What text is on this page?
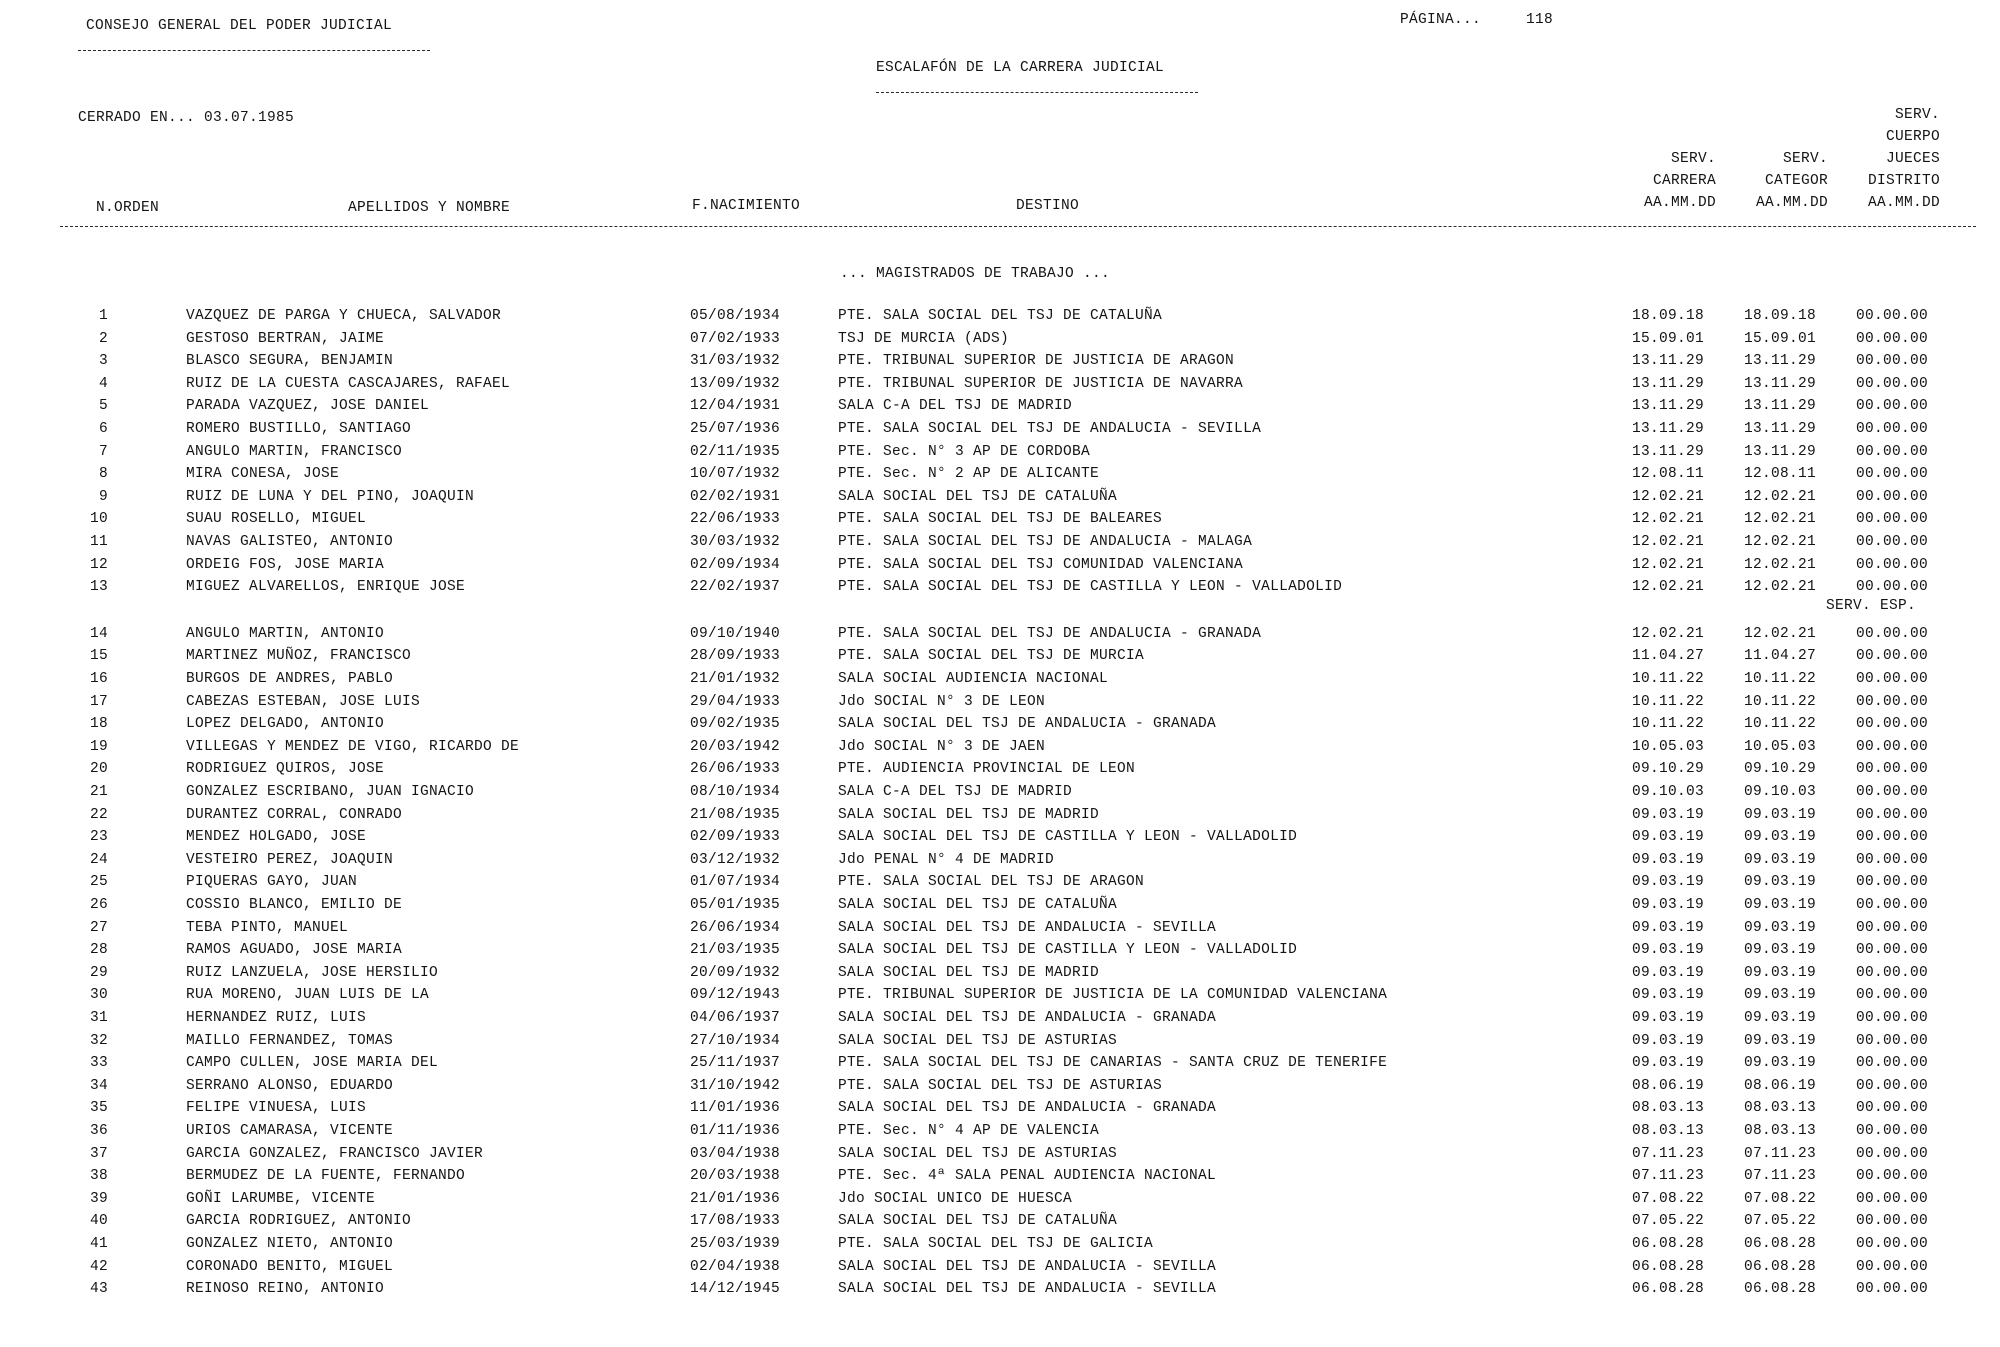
CONSEJO GENERAL DEL PODER JUDICIAL	PÁGINA...	118
ESCALAFÓN DE LA CARRERA JUDICIAL
CERRADO EN... 03.07.1985
N.ORDEN	APELLIDOS Y NOMBRE	F.NACIMIENTO	DESTINO
SERV.
CARRERA
AA.MM.DD
SERV.
CATEGOR
AA.MM.DD
SERV.
CUERPO
JUECES
DISTRITO
AA.MM.DD
... MAGISTRADOS DE TRABAJO ...
SERV. ESP.
1	VAZQUEZ DE PARGA Y CHUECA, SALVADOR	05/08/1934	PTE. SALA SOCIAL DEL TSJ DE CATALUÑA	18.09.18	18.09.18	00.00.00
2	GESTOSO BERTRAN, JAIME	07/02/1933	TSJ DE MURCIA (ADS)	15.09.01	15.09.01	00.00.00
3	BLASCO SEGURA, BENJAMIN	31/03/1932	PTE. TRIBUNAL SUPERIOR DE JUSTICIA DE ARAGON	13.11.29	13.11.29	00.00.00
4	RUIZ DE LA CUESTA CASCAJARES, RAFAEL	13/09/1932	PTE. TRIBUNAL SUPERIOR DE JUSTICIA DE NAVARRA	13.11.29	13.11.29	00.00.00
5	PARADA VAZQUEZ, JOSE DANIEL	12/04/1931	SALA C-A DEL TSJ DE MADRID	13.11.29	13.11.29	00.00.00
6	ROMERO BUSTILLO, SANTIAGO	25/07/1936	PTE. SALA SOCIAL DEL TSJ DE ANDALUCIA - SEVILLA	13.11.29	13.11.29	00.00.00
7	ANGULO MARTIN, FRANCISCO	02/11/1935	PTE. Sec. N° 3 AP DE CORDOBA	13.11.29	13.11.29	00.00.00
8	MIRA CONESA, JOSE	10/07/1932	PTE. Sec. N° 2 AP DE ALICANTE	12.08.11	12.08.11	00.00.00
9	RUIZ DE LUNA Y DEL PINO, JOAQUIN	02/02/1931	SALA SOCIAL DEL TSJ DE CATALUÑA	12.02.21	12.02.21	00.00.00
10	SUAU ROSELLO, MIGUEL	22/06/1933	PTE. SALA SOCIAL DEL TSJ DE BALEARES	12.02.21	12.02.21	00.00.00
11	NAVAS GALISTEO, ANTONIO	30/03/1932	PTE. SALA SOCIAL DEL TSJ DE ANDALUCIA - MALAGA	12.02.21	12.02.21	00.00.00
12	ORDEIG FOS, JOSE MARIA	02/09/1934	PTE. SALA SOCIAL DEL TSJ COMUNIDAD VALENCIANA	12.02.21	12.02.21	00.00.00
13	MIGUEZ ALVARELLOS, ENRIQUE JOSE	22/02/1937	PTE. SALA SOCIAL DEL TSJ DE CASTILLA Y LEON - VALLADOLID	12.02.21	12.02.21	00.00.00
14	ANGULO MARTIN, ANTONIO	09/10/1940	PTE. SALA SOCIAL DEL TSJ DE ANDALUCIA - GRANADA	12.02.21	12.02.21	00.00.00
15	MARTINEZ MUÑOZ, FRANCISCO	28/09/1933	PTE. SALA SOCIAL DEL TSJ DE MURCIA	11.04.27	11.04.27	00.00.00
16	BURGOS DE ANDRES, PABLO	21/01/1932	SALA SOCIAL AUDIENCIA NACIONAL	10.11.22	10.11.22	00.00.00
17	CABEZAS ESTEBAN, JOSE LUIS	29/04/1933	Jdo SOCIAL N° 3 DE LEON	10.11.22	10.11.22	00.00.00
18	LOPEZ DELGADO, ANTONIO	09/02/1935	SALA SOCIAL DEL TSJ DE ANDALUCIA - GRANADA	10.11.22	10.11.22	00.00.00
19	VILLEGAS Y MENDEZ DE VIGO, RICARDO DE	20/03/1942	Jdo SOCIAL N° 3 DE JAEN	10.05.03	10.05.03	00.00.00
20	RODRIGUEZ QUIROS, JOSE	26/06/1933	PTE. AUDIENCIA PROVINCIAL DE LEON	09.10.29	09.10.29	00.00.00
21	GONZALEZ ESCRIBANO, JUAN IGNACIO	08/10/1934	SALA C-A DEL TSJ DE MADRID	09.10.03	09.10.03	00.00.00
22	DURANTEZ CORRAL, CONRADO	21/08/1935	SALA SOCIAL DEL TSJ DE MADRID	09.03.19	09.03.19	00.00.00
23	MENDEZ HOLGADO, JOSE	02/09/1933	SALA SOCIAL DEL TSJ DE CASTILLA Y LEON - VALLADOLID	09.03.19	09.03.19	00.00.00
24	VESTEIRO PEREZ, JOAQUIN	03/12/1932	Jdo PENAL N° 4 DE MADRID	09.03.19	09.03.19	00.00.00
25	PIQUERAS GAYO, JUAN	01/07/1934	PTE. SALA SOCIAL DEL TSJ DE ARAGON	09.03.19	09.03.19	00.00.00
26	COSSIO BLANCO, EMILIO DE	05/01/1935	SALA SOCIAL DEL TSJ DE CATALUÑA	09.03.19	09.03.19	00.00.00
27	TEBA PINTO, MANUEL	26/06/1934	SALA SOCIAL DEL TSJ DE ANDALUCIA - SEVILLA	09.03.19	09.03.19	00.00.00
28	RAMOS AGUADO, JOSE MARIA	21/03/1935	SALA SOCIAL DEL TSJ DE CASTILLA Y LEON - VALLADOLID	09.03.19	09.03.19	00.00.00
29	RUIZ LANZUELA, JOSE HERSILIO	20/09/1932	SALA SOCIAL DEL TSJ DE MADRID	09.03.19	09.03.19	00.00.00
30	RUA MORENO, JUAN LUIS DE LA	09/12/1943	PTE. TRIBUNAL SUPERIOR DE JUSTICIA DE LA COMUNIDAD VALENCIANA	09.03.19	09.03.19	00.00.00
31	HERNANDEZ RUIZ, LUIS	04/06/1937	SALA SOCIAL DEL TSJ DE ANDALUCIA - GRANADA	09.03.19	09.03.19	00.00.00
32	MAILLO FERNANDEZ, TOMAS	27/10/1934	SALA SOCIAL DEL TSJ DE ASTURIAS	09.03.19	09.03.19	00.00.00
33	CAMPO CULLEN, JOSE MARIA DEL	25/11/1937	PTE. SALA SOCIAL DEL TSJ DE CANARIAS - SANTA CRUZ DE TENERIFE	09.03.19	09.03.19	00.00.00
34	SERRANO ALONSO, EDUARDO	31/10/1942	PTE. SALA SOCIAL DEL TSJ DE ASTURIAS	08.06.19	08.06.19	00.00.00
35	FELIPE VINUESA, LUIS	11/01/1936	SALA SOCIAL DEL TSJ DE ANDALUCIA - GRANADA	08.03.13	08.03.13	00.00.00
36	URIOS CAMARASA, VICENTE	01/11/1936	PTE. Sec. N° 4 AP DE VALENCIA	08.03.13	08.03.13	00.00.00
37	GARCIA GONZALEZ, FRANCISCO JAVIER	03/04/1938	SALA SOCIAL DEL TSJ DE ASTURIAS	07.11.23	07.11.23	00.00.00
38	BERMUDEZ DE LA FUENTE, FERNANDO	20/03/1938	PTE. Sec. 4ª SALA PENAL AUDIENCIA NACIONAL	07.11.23	07.11.23	00.00.00
39	GOÑI LARUMBE, VICENTE	21/01/1936	Jdo SOCIAL UNICO DE HUESCA	07.08.22	07.08.22	00.00.00
40	GARCIA RODRIGUEZ, ANTONIO	17/08/1933	SALA SOCIAL DEL TSJ DE CATALUÑA	07.05.22	07.05.22	00.00.00
41	GONZALEZ NIETO, ANTONIO	25/03/1939	PTE. SALA SOCIAL DEL TSJ DE GALICIA	06.08.28	06.08.28	00.00.00
42	CORONADO BENITO, MIGUEL	02/04/1938	SALA SOCIAL DEL TSJ DE ANDALUCIA - SEVILLA	06.08.28	06.08.28	00.00.00
43	REINOSO REINO, ANTONIO	14/12/1945	SALA SOCIAL DEL TSJ DE ANDALUCIA - SEVILLA	06.08.28	06.08.28	00.00.00
